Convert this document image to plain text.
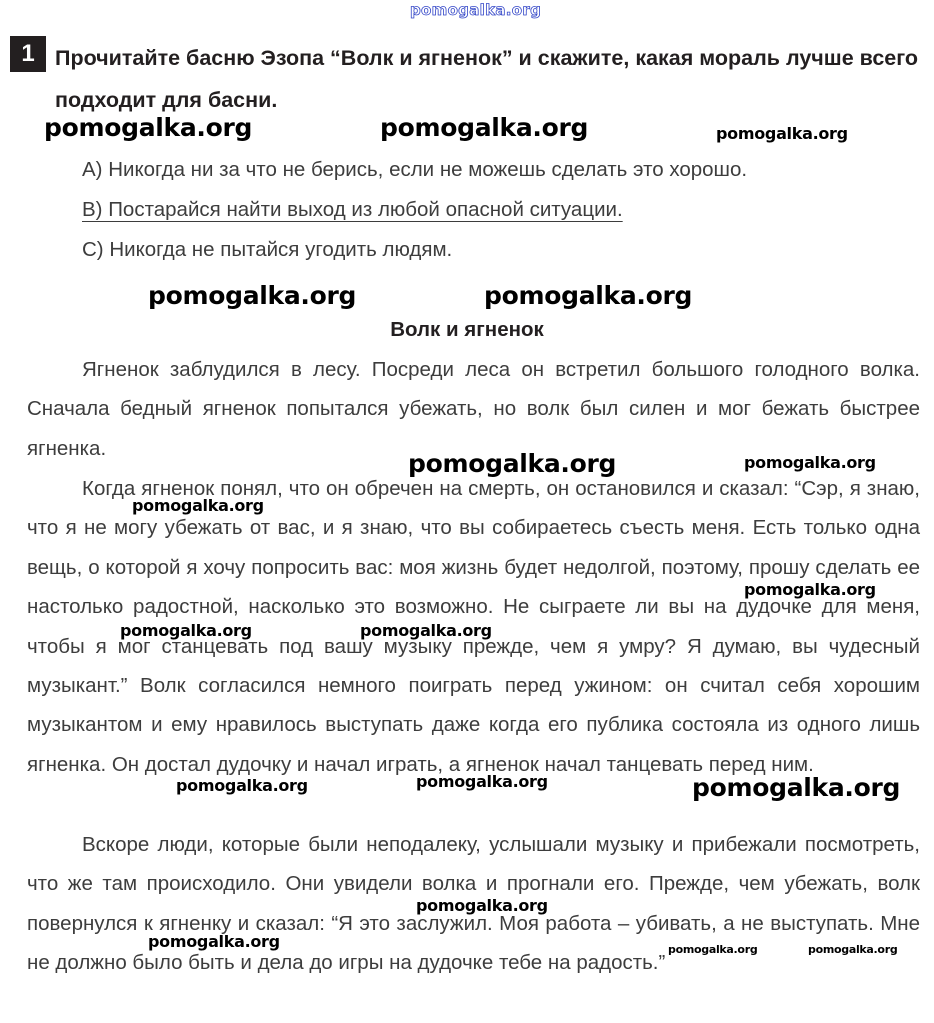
pomogalka.org
1 Прочитайте басню Эзопа “Волк и ягненок” и скажите, какая мораль лучше всего подходит для басни.

A) Никогда ни за что не берись, если не можешь сделать это хорошо.

B) Постарайся найти выход из любой опасной ситуации.

C) Никогда не пытайся угодить людям.

Волк и ягненок

Ягненок заблудился в лесу. Посреди леса он встретил большого голодного волка. Сначала бедный ягненок попытался убежать, но волк был силен и мог бежать быстрее ягненка.

Когда ягненок понял, что он обречен на смерть, он остановился и сказал: “Сэр, я знаю, что я не могу убежать от вас, и я знаю, что вы собираетесь съесть меня. Есть только одна вещь, о которой я хочу попросить вас: моя жизнь будет недолгой, поэтому, прошу сделать ее настолько радостной, насколько это возможно. Не сыграете ли вы на дудочке для меня, чтобы я мог станцевать под вашу музыку прежде, чем я умру? Я думаю, вы чудесный музыкант.” Волк согласился немного поиграть перед ужином: он считал себя хорошим музыкантом и ему нравилось выступать даже когда его публика состояла из одного лишь ягненка. Он достал дудочку и начал играть, а ягненок начал танцевать перед ним.

Вскоре люди, которые были неподалеку, услышали музыку и прибежали посмотреть, что же там происходило. Они увидели волка и прогнали его. Прежде, чем убежать, волк повернулся к ягненку и сказал: “Я это заслужил. Моя работа – убивать, а не выступать. Мне не должно было быть и дела до игры на дудочке тебе на радость.”

pomogalka.org	pomogalka.org	pomogalka.org
pomogalka.org	pomogalka.org
pomogalka.org	pomogalka.org
pomogalka.org
pomogalka.org
pomogalka.org	pomogalka.org
pomogalka.org	pomogalka.org	pomogalka.org
pomogalka.org
pomogalka.org	pomogalka.org	pomogalka.org
